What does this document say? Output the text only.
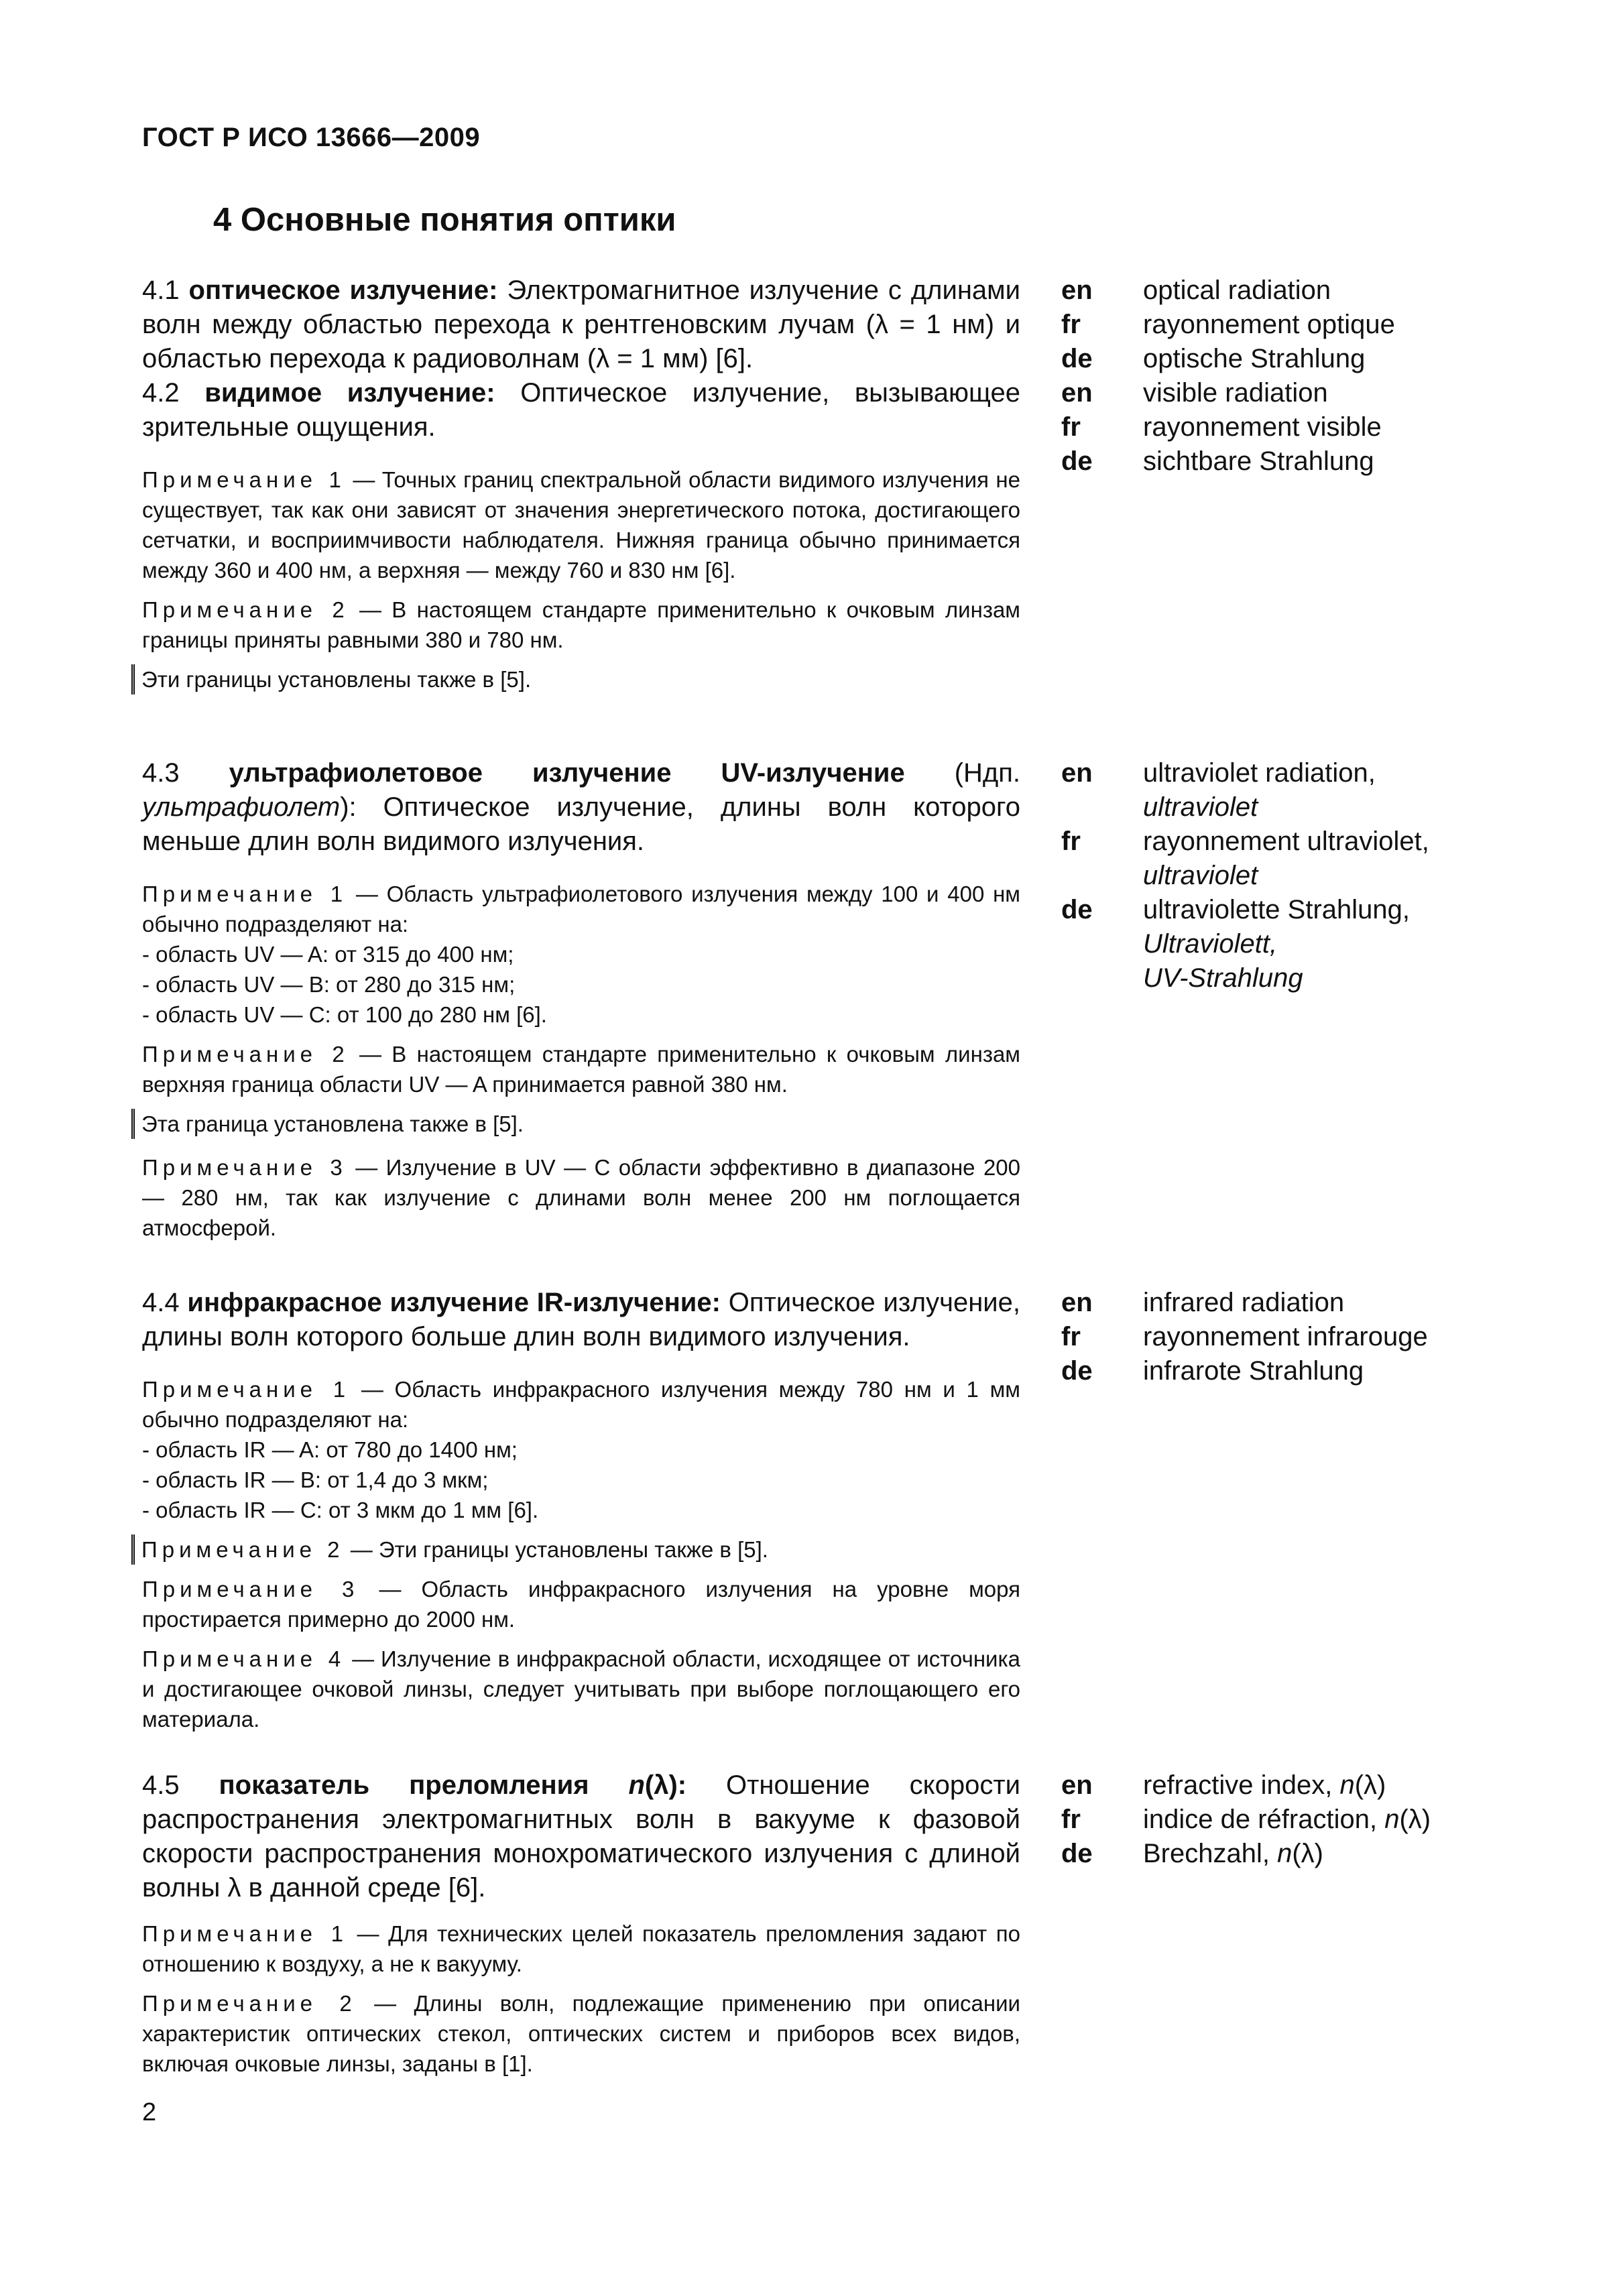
ГОСТ Р ИСО 13666—2009
4 Основные понятия оптики

4.1 оптическое излучение: Электромагнитное излучение с длинами волн между областью перехода к рентгеновским лучам (λ = 1 нм) и областью перехода к радиоволнам (λ = 1 мм) [6].

4.2 видимое излучение: Оптическое излучение, вызывающее зрительные ощущения.

Примечание 1 — Точных границ спектральной области видимого излучения не существует, так как они зависят от значения энергетического потока, достигающего сетчатки, и восприимчивости наблюдателя. Нижняя граница обычно принимается между 360 и 400 нм, а верхняя — между 760 и 830 нм [6].

Примечание 2 — В настоящем стандарте применительно к очковым линзам границы приняты равными 380 и 780 нм.

Эти границы установлены также в [5].

en	optical radiation
fr	rayonnement optique
de	optische Strahlung
en	visible radiation
fr	rayonnement visible
de	sichtbare Strahlung

4.3 ультрафиолетовое излучение UV-излучение (Ндп. ультрафиолет): Оптическое излучение, длины волн которого меньше длин волн видимого излучения.

Примечание 1 — Область ультрафиолетового излучения между 100 и 400 нм обычно подразделяют на:

- область UV — A: от 315 до 400 нм;

- область UV — B: от 280 до 315 нм;

- область UV — C: от 100 до 280 нм [6].

Примечание 2 — В настоящем стандарте применительно к очковым линзам верхняя граница области UV — A принимается равной 380 нм.

Эта граница установлена также в [5].

Примечание 3 — Излучение в UV — C области эффективно в диапазоне 200 — 280 нм, так как излучение с длинами волн менее 200 нм поглощается атмосферой.

en	ultraviolet radiation,
ultraviolet
fr	rayonnement ultraviolet,
ultraviolet
de	ultraviolette Strahlung,
Ultraviolett,
UV-Strahlung

4.4 инфракрасное излучение IR-излучение: Оптическое излучение, длины волн которого больше длин волн видимого излучения.

Примечание 1 — Область инфракрасного излучения между 780 нм и 1 мм обычно подразделяют на:

- область IR — A: от 780 до 1400 нм;

- область IR — B: от 1,4 до 3 мкм;

- область IR — C: от 3 мкм до 1 мм [6].

Примечание 2 — Эти границы установлены также в [5].

Примечание 3 — Область инфракрасного излучения на уровне моря простирается примерно до 2000 нм.

Примечание 4 — Излучение в инфракрасной области, исходящее от источника и достигающее очковой линзы, следует учитывать при выборе поглощающего его материала.

en	infrared radiation
fr	rayonnement infrarouge
de	infrarote Strahlung

4.5 показатель преломления n(λ): Отношение скорости распространения электромагнитных волн в вакууме к фазовой скорости распространения монохроматического излучения с длиной волны λ в данной среде [6].

Примечание 1 — Для технических целей показатель преломления задают по отношению к воздуху, а не к вакууму.

Примечание 2 — Длины волн, подлежащие применению при описании характеристик оптических стекол, оптических систем и приборов всех видов, включая очковые линзы, заданы в [1].

en	refractive index, n(λ)
fr	indice de réfraction, n(λ)
de	Brechzahl, n(λ)
2
